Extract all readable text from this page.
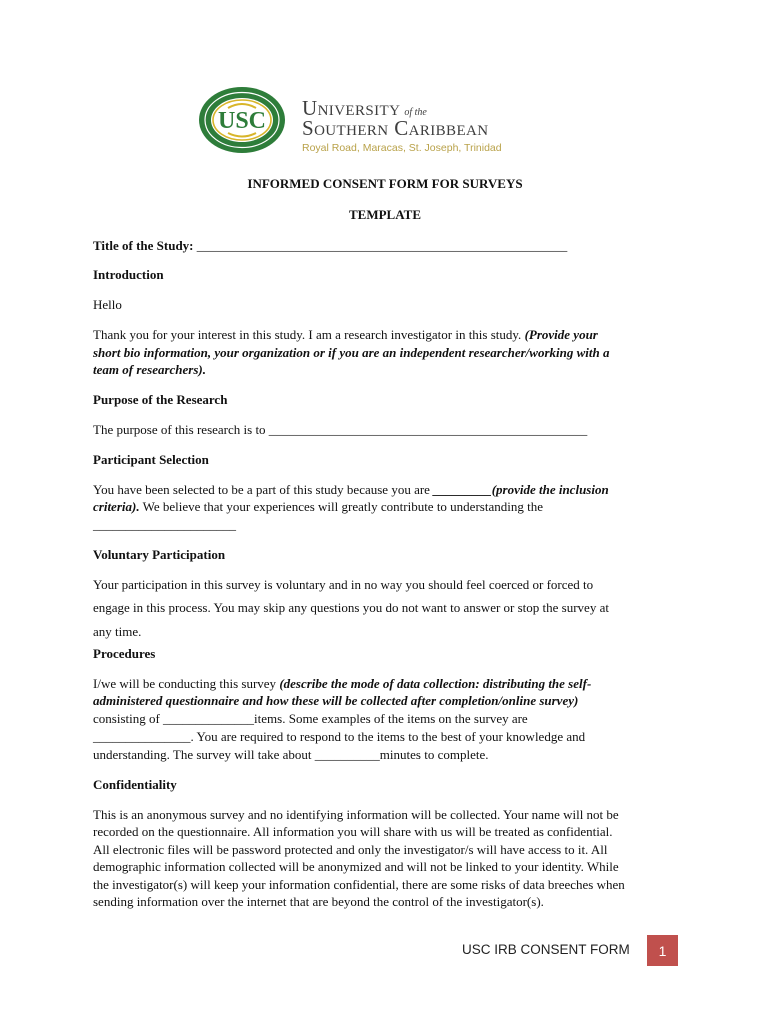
USC University of the
Southern Caribbean
Royal Road, Maracas, St. Joseph, Trinidad
INFORMED CONSENT FORM FOR SURVEYS
TEMPLATE
Title of the Study: _________________________________________________________
Introduction
Hello
Thank you for your interest in this study. I am a research investigator in this study. (Provide your
short bio information, your organization or if you are an independent researcher/working with a
team of researchers).
Purpose of the Research
The purpose of this research is to _________________________________________________
Participant Selection
You have been selected to be a part of this study because you are _________(provide the inclusion
criteria). We believe that your experiences will greatly contribute to understanding the
______________________
Voluntary Participation
Your participation in this survey is voluntary and in no way you should feel coerced or forced to
engage in this process. You may skip any questions you do not want to answer or stop the survey at
any time.
Procedures
I/we will be conducting this survey (describe the mode of data collection: distributing the self-
administered questionnaire and how these will be collected after completion/online survey)
consisting of ______________items. Some examples of the items on the survey are
_______________. You are required to respond to the items to the best of your knowledge and
understanding. The survey will take about __________minutes to complete.
Confidentiality
This is an anonymous survey and no identifying information will be collected. Your name will not be
recorded on the questionnaire. All information you will share with us will be treated as confidential.
All electronic files will be password protected and only the investigator/s will have access to it. All
demographic information collected will be anonymized and will not be linked to your identity. While
the investigator(s) will keep your information confidential, there are some risks of data breeches when
sending information over the internet that are beyond the control of the investigator(s).
USC IRB CONSENT FORM	1
